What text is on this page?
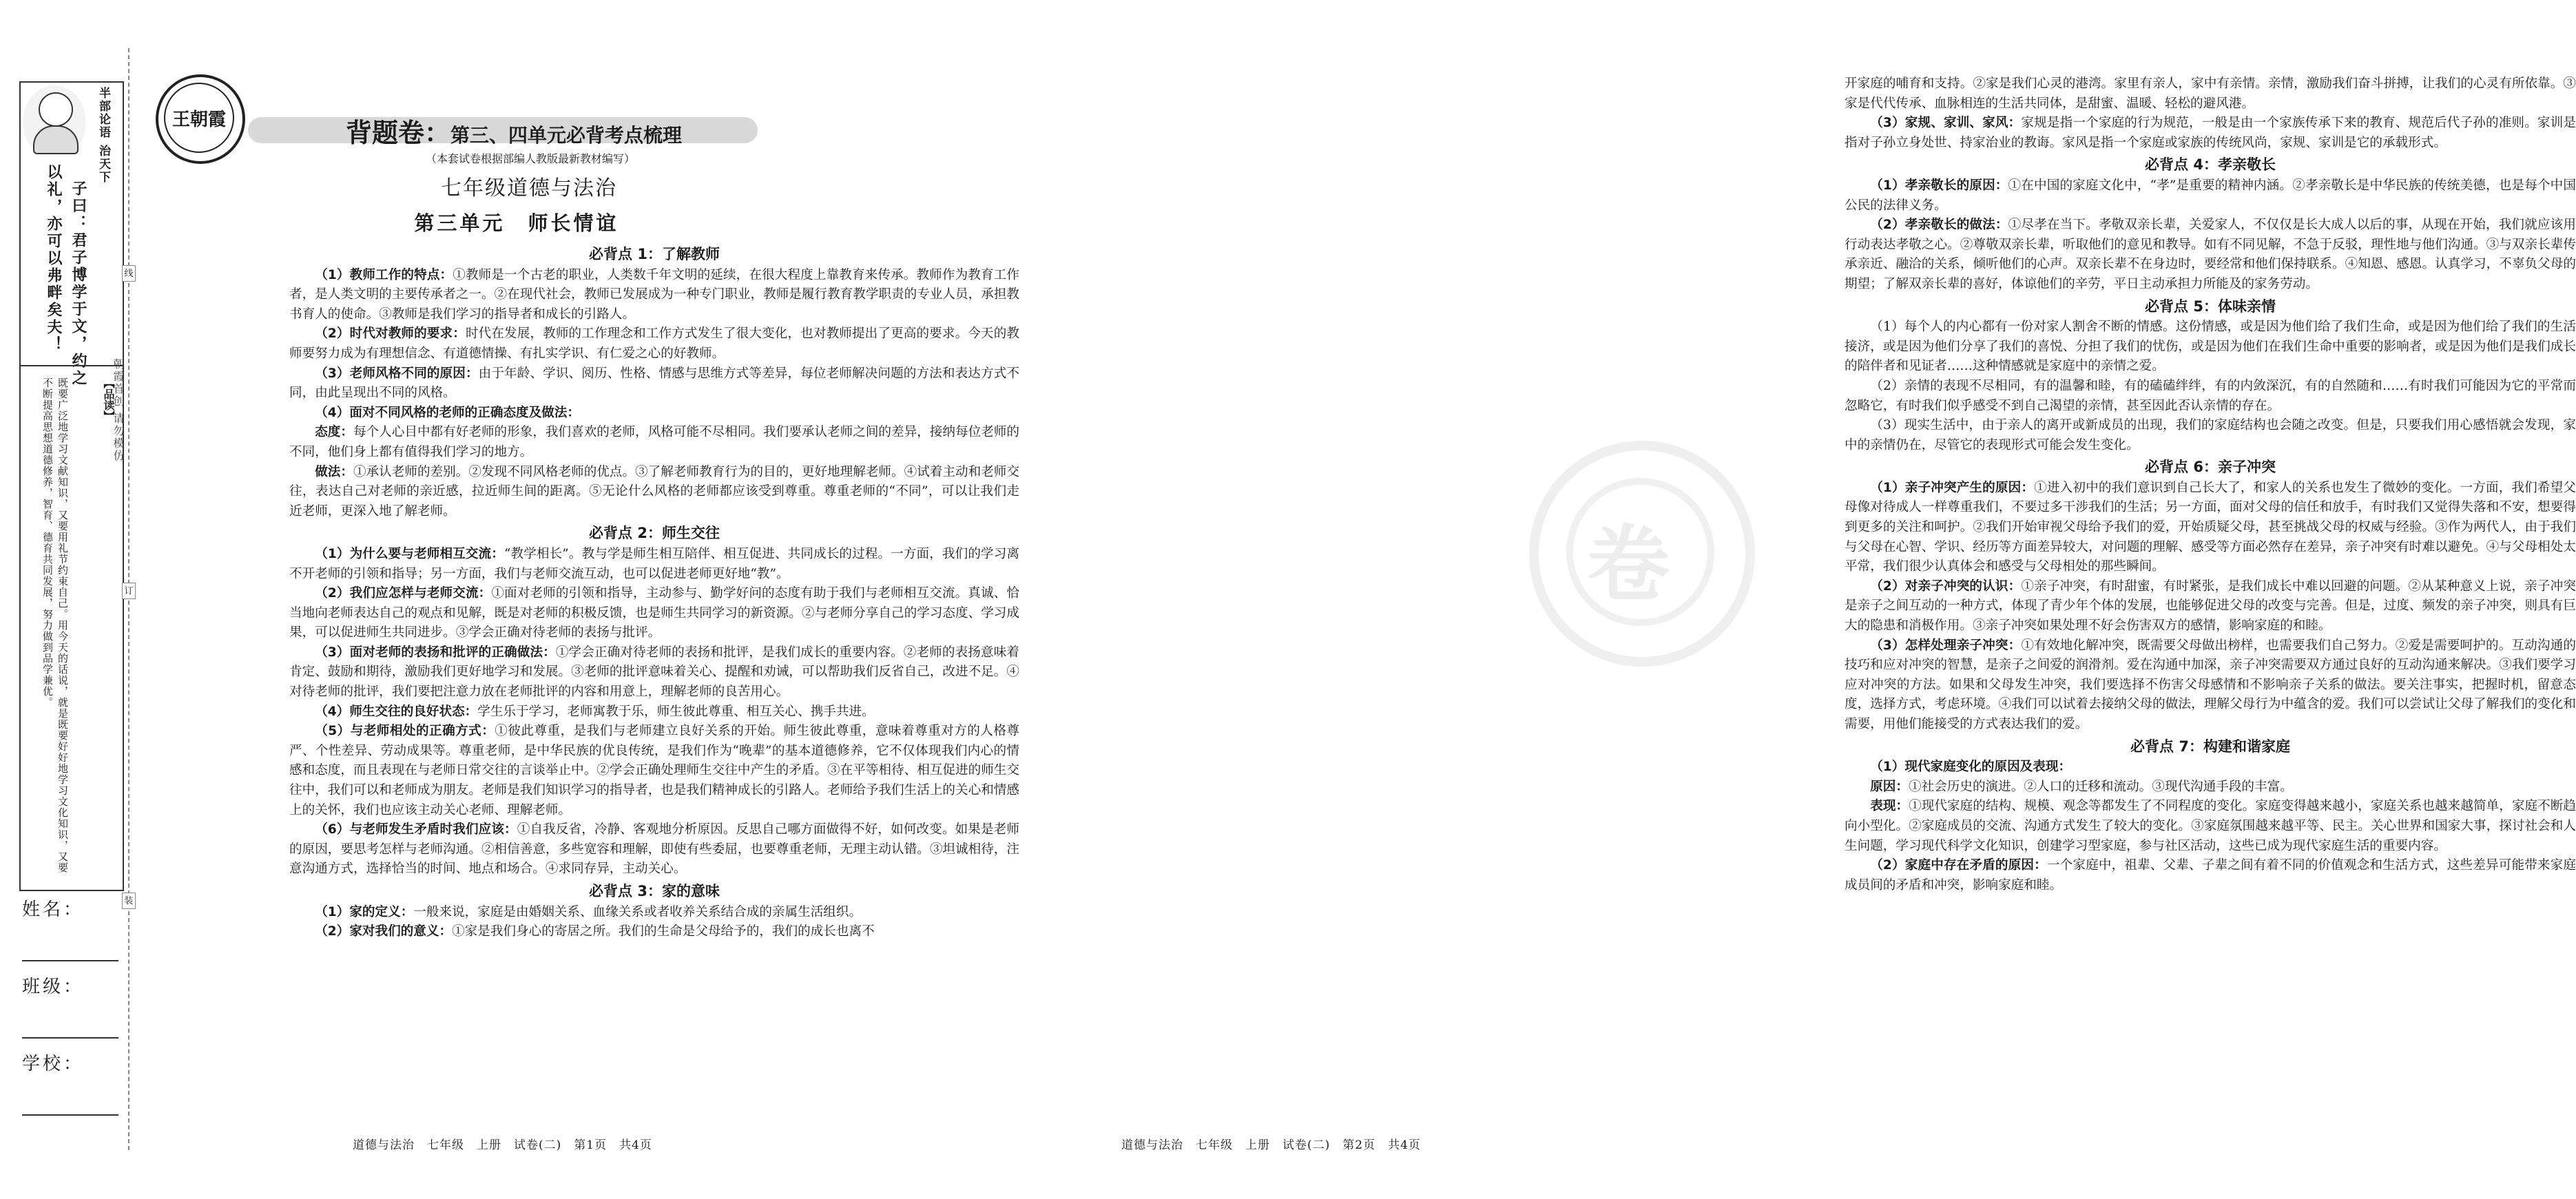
半部论语 治天下
子曰：君子博学于文，约之
以礼，亦可以弗畔矣夫！
【品读】
既要广泛地学习文献知识，又要用礼节约束自己。用今天的话说，就是既要好好地学习文化知识，又要不断提高思想道德修养，智育、德育共同发展，努力做到品学兼优。
姓名：
班级：
学校：
线
订
装
朝霞首创 请勿模仿
王朝霞	背题卷：第三、四单元必背考点梳理
（本套试卷根据部编人教版最新教材编写）
七年级道德与法治
第三单元　师长情谊
必背点 1：了解教师

（1）教师工作的特点：①教师是一个古老的职业，人类数千年文明的延续，在很大程度上靠教育来传承。教师作为教育工作者，是人类文明的主要传承者之一。②在现代社会，教师已发展成为一种专门职业，教师是履行教育教学职责的专业人员，承担教书育人的使命。③教师是我们学习的指导者和成长的引路人。

（2）时代对教师的要求：时代在发展，教师的工作理念和工作方式发生了很大变化，也对教师提出了更高的要求。今天的教师要努力成为有理想信念、有道德情操、有扎实学识、有仁爱之心的好教师。

（3）老师风格不同的原因：由于年龄、学识、阅历、性格、情感与思维方式等差异，每位老师解决问题的方法和表达方式不同，由此呈现出不同的风格。

（4）面对不同风格的老师的正确态度及做法：

态度：每个人心目中都有好老师的形象，我们喜欢的老师，风格可能不尽相同。我们要承认老师之间的差异，接纳每位老师的不同，他们身上都有值得我们学习的地方。

做法：①承认老师的差别。②发现不同风格老师的优点。③了解老师教育行为的目的，更好地理解老师。④试着主动和老师交往，表达自己对老师的亲近感，拉近师生间的距离。⑤无论什么风格的老师都应该受到尊重。尊重老师的“不同”，可以让我们走近老师，更深入地了解老师。

必背点 2：师生交往

（1）为什么要与老师相互交流：“教学相长”。教与学是师生相互陪伴、相互促进、共同成长的过程。一方面，我们的学习离不开老师的引领和指导；另一方面，我们与老师交流互动，也可以促进老师更好地“教”。

（2）我们应怎样与老师交流：①面对老师的引领和指导，主动参与、勤学好问的态度有助于我们与老师相互交流。真诚、恰当地向老师表达自己的观点和见解，既是对老师的积极反馈，也是师生共同学习的新资源。②与老师分享自己的学习态度、学习成果，可以促进师生共同进步。③学会正确对待老师的表扬与批评。

（3）面对老师的表扬和批评的正确做法：①学会正确对待老师的表扬和批评，是我们成长的重要内容。②老师的表扬意味着肯定、鼓励和期待，激励我们更好地学习和发展。③老师的批评意味着关心、提醒和劝诫，可以帮助我们反省自己，改进不足。④对待老师的批评，我们要把注意力放在老师批评的内容和用意上，理解老师的良苦用心。

（4）师生交往的良好状态：学生乐于学习，老师寓教于乐，师生彼此尊重、相互关心、携手共进。

（5）与老师相处的正确方式：①彼此尊重，是我们与老师建立良好关系的开始。师生彼此尊重，意味着尊重对方的人格尊严、个性差异、劳动成果等。尊重老师，是中华民族的优良传统，是我们作为“晚辈”的基本道德修养，它不仅体现我们内心的情感和态度，而且表现在与老师日常交往的言谈举止中。②学会正确处理师生交往中产生的矛盾。③在平等相待、相互促进的师生交往中，我们可以和老师成为朋友。老师是我们知识学习的指导者，也是我们精神成长的引路人。老师给予我们生活上的关心和情感上的关怀，我们也应该主动关心老师、理解老师。

（6）与老师发生矛盾时我们应该：①自我反省，冷静、客观地分析原因。反思自己哪方面做得不好，如何改变。如果是老师的原因，要思考怎样与老师沟通。②相信善意，多些宽容和理解，即使有些委屈，也要尊重老师，无理主动认错。③坦诚相待，注意沟通方式，选择恰当的时间、地点和场合。④求同存异，主动关心。

必背点 3：家的意味

（1）家的定义：一般来说，家庭是由婚姻关系、血缘关系或者收养关系结合成的亲属生活组织。

（2）家对我们的意义：①家是我们身心的寄居之所。我们的生命是父母给予的，我们的成长也离不

开家庭的哺育和支持。②家是我们心灵的港湾。家里有亲人，家中有亲情。亲情，激励我们奋斗拼搏，让我们的心灵有所依靠。③家是代代传承、血脉相连的生活共同体，是甜蜜、温暖、轻松的避风港。

（3）家规、家训、家风：家规是指一个家庭的行为规范，一般是由一个家族传承下来的教育、规范后代子孙的准则。家训是指对子孙立身处世、持家治业的教诲。家风是指一个家庭或家族的传统风尚，家规、家训是它的承载形式。

必背点 4：孝亲敬长

（1）孝亲敬长的原因：①在中国的家庭文化中，“孝”是重要的精神内涵。②孝亲敬长是中华民族的传统美德，也是每个中国公民的法律义务。

（2）孝亲敬长的做法：①尽孝在当下。孝敬双亲长辈，关爱家人，不仅仅是长大成人以后的事，从现在开始，我们就应该用行动表达孝敬之心。②尊敬双亲长辈，听取他们的意见和教导。如有不同见解，不急于反驳，理性地与他们沟通。③与双亲长辈传承亲近、融洽的关系，倾听他们的心声。双亲长辈不在身边时，要经常和他们保持联系。④知恩、感恩。认真学习，不辜负父母的期望；了解双亲长辈的喜好，体谅他们的辛劳，平日主动承担力所能及的家务劳动。

必背点 5：体味亲情

（1）每个人的内心都有一份对家人割舍不断的情感。这份情感，或是因为他们给了我们生命，或是因为他们给了我们的生活接济，或是因为他们分享了我们的喜悦、分担了我们的忧伤，或是因为他们在我们生命中重要的影响者，或是因为他们是我们成长的陪伴者和见证者……这种情感就是家庭中的亲情之爱。

（2）亲情的表现不尽相同，有的温馨和睦，有的磕磕绊绊，有的内敛深沉，有的自然随和……有时我们可能因为它的平常而忽略它，有时我们似乎感受不到自己渴望的亲情，甚至因此否认亲情的存在。

（3）现实生活中，由于亲人的离开或新成员的出现，我们的家庭结构也会随之改变。但是，只要我们用心感悟就会发现，家中的亲情仍在，尽管它的表现形式可能会发生变化。

必背点 6：亲子冲突

（1）亲子冲突产生的原因：①进入初中的我们意识到自己长大了，和家人的关系也发生了微妙的变化。一方面，我们希望父母像对待成人一样尊重我们，不要过多干涉我们的生活；另一方面，面对父母的信任和放手，有时我们又觉得失落和不安，想要得到更多的关注和呵护。②我们开始审视父母给予我们的爱，开始质疑父母，甚至挑战父母的权威与经验。③作为两代人，由于我们与父母在心智、学识、经历等方面差异较大，对问题的理解、感受等方面必然存在差异，亲子冲突有时难以避免。④与父母相处太平常，我们很少认真体会和感受与父母相处的那些瞬间。

（2）对亲子冲突的认识：①亲子冲突，有时甜蜜，有时紧张，是我们成长中难以回避的问题。②从某种意义上说，亲子冲突是亲子之间互动的一种方式，体现了青少年个体的发展，也能够促进父母的改变与完善。但是，过度、频发的亲子冲突，则具有巨大的隐患和消极作用。③亲子冲突如果处理不好会伤害双方的感情，影响家庭的和睦。

（3）怎样处理亲子冲突：①有效地化解冲突，既需要父母做出榜样，也需要我们自己努力。②爱是需要呵护的。互动沟通的技巧和应对冲突的智慧，是亲子之间爱的润滑剂。爱在沟通中加深，亲子冲突需要双方通过良好的互动沟通来解决。③我们要学习应对冲突的方法。如果和父母发生冲突，我们要选择不伤害父母感情和不影响亲子关系的做法。要关注事实，把握时机，留意态度，选择方式，考虑环境。④我们可以试着去接纳父母的做法，理解父母行为中蕴含的爱。我们可以尝试让父母了解我们的变化和需要，用他们能接受的方式表达我们的爱。

必背点 7：构建和谐家庭

（1）现代家庭变化的原因及表现：

原因：①社会历史的演进。②人口的迁移和流动。③现代沟通手段的丰富。

表现：①现代家庭的结构、规模、观念等都发生了不同程度的变化。家庭变得越来越小，家庭关系也越来越简单，家庭不断趋向小型化。②家庭成员的交流、沟通方式发生了较大的变化。③家庭氛围越来越平等、民主。关心世界和国家大事，探讨社会和人生问题，学习现代科学文化知识，创建学习型家庭，参与社区活动，这些已成为现代家庭生活的重要内容。

（2）家庭中存在矛盾的原因：一个家庭中，祖辈、父辈、子辈之间有着不同的价值观念和生活方式，这些差异可能带来家庭成员间的矛盾和冲突，影响家庭和睦。

卷
道德与法治　七年级　上册　试卷(二)　第1页　共4页	道德与法治　七年级　上册　试卷(二)　第2页　共4页
